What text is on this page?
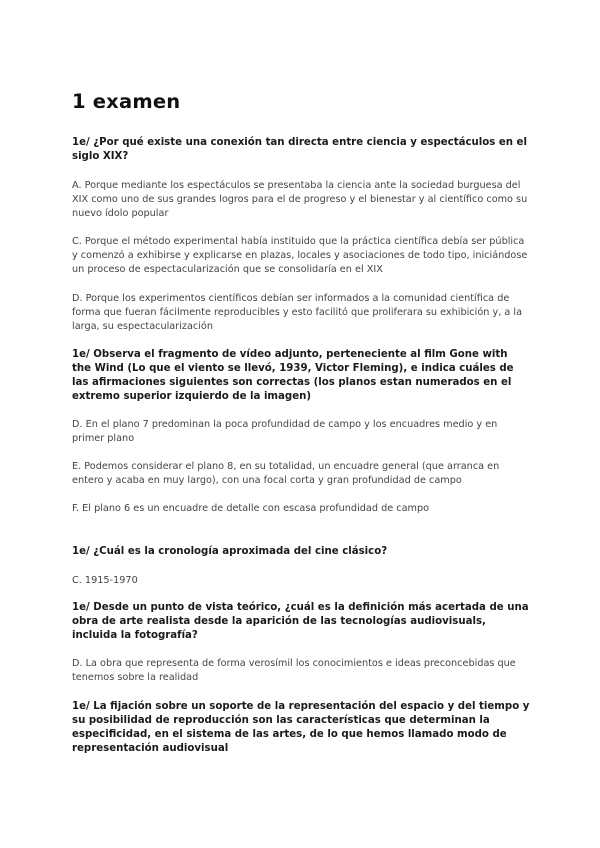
1 examen

1e/ ¿Por qué existe una conexión tan directa entre ciencia y espectáculos en el siglo XIX?

A. Porque mediante los espectáculos se presentaba la ciencia ante la sociedad burguesa del XIX como uno de sus grandes logros para el de progreso y el bienestar y al científico como su nuevo ídolo popular

C. Porque el método experimental había instituido que la práctica científica debía ser pública y comenzó a exhibirse y explicarse en plazas, locales y asociaciones de todo tipo, iniciándose un proceso de espectacularización que se consolidaría en el XIX

D. Porque los experimentos científicos debían ser informados a la comunidad científica de forma que fueran fácilmente reproducibles y esto facilitó que proliferara su exhibición y, a la larga, su espectacularización

1e/ Observa el fragmento de vídeo adjunto, perteneciente al film Gone with the Wind (Lo que el viento se llevó, 1939, Victor Fleming), e indica cuáles de las afirmaciones siguientes son correctas (los planos estan numerados en el extremo superior izquierdo de la imagen)

D. En el plano 7 predominan la poca profundidad de campo y los encuadres medio y en primer plano

E. Podemos considerar el plano 8, en su totalidad, un encuadre general (que arranca en entero y acaba en muy largo), con una focal corta y gran profundidad de campo

F. El plano 6 es un encuadre de detalle con escasa profundidad de campo

1e/ ¿Cuál es la cronología aproximada del cine clásico?

C. 1915-1970

1e/ Desde un punto de vista teórico, ¿cuál es la definición más acertada de una obra de arte realista desde la aparición de las tecnologías audiovisuals, incluida la fotografía?

D. La obra que representa de forma verosímil los conocimientos e ideas preconcebidas que tenemos sobre la realidad

1e/ La fijación sobre un soporte de la representación del espacio y del tiempo y su posibilidad de reproducción son las características que determinan la especificidad, en el sistema de las artes, de lo que hemos llamado modo de representación audiovisual
